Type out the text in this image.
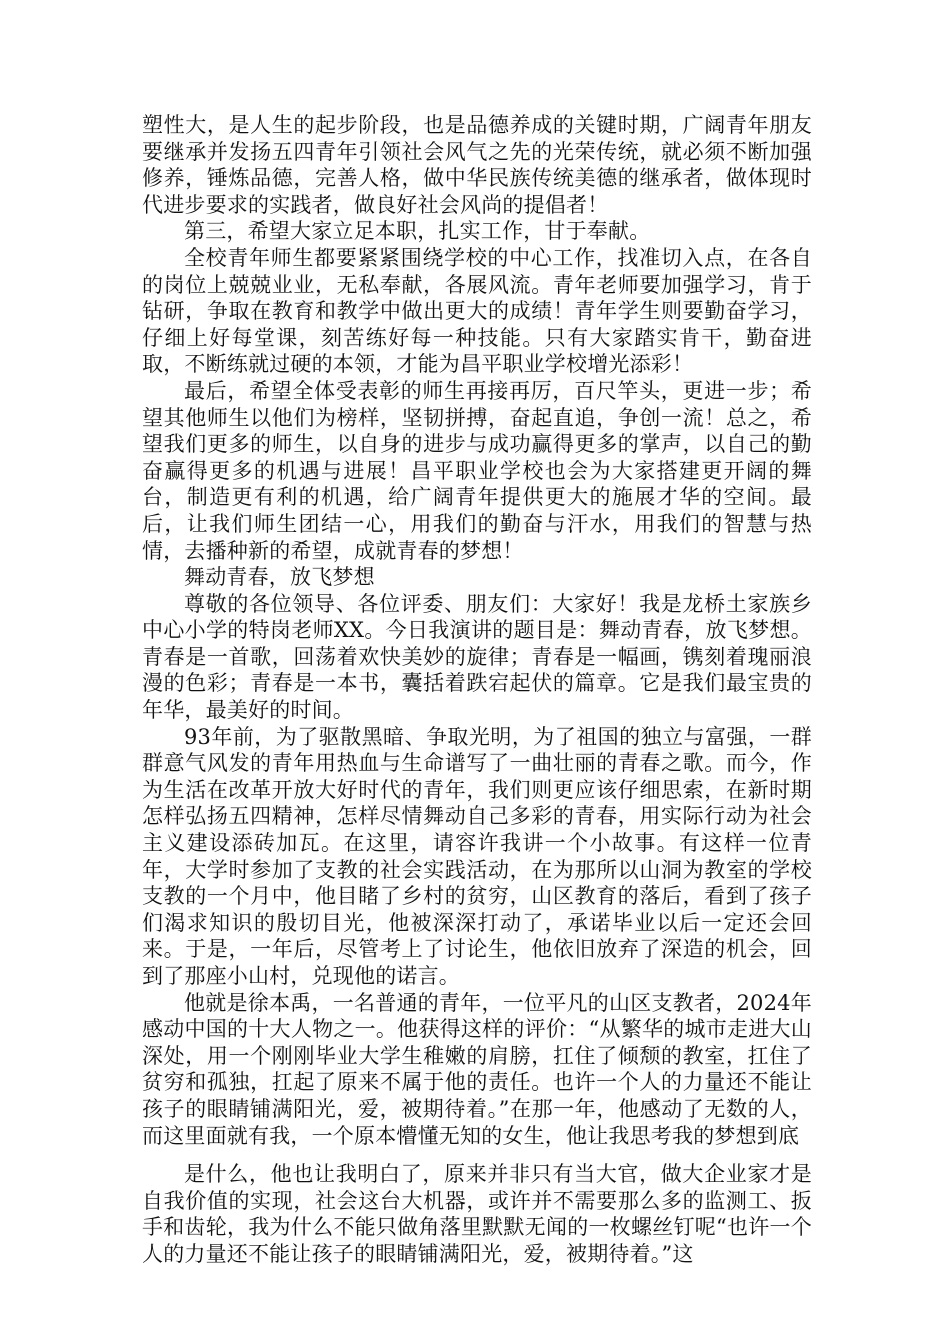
塑性大，是人生的起步阶段，也是品德养成的关键时期，广阔青年朋友要继承并发扬五四青年引领社会风气之先的光荣传统，就必须不断加强修养，锤炼品德，完善人格，做中华民族传统美德的继承者，做体现时代进步要求的实践者，做良好社会风尚的提倡者！

第三，希望大家立足本职，扎实工作，甘于奉献。

全校青年师生都要紧紧围绕学校的中心工作，找准切入点，在各自的岗位上兢兢业业，无私奉献，各展风流。青年老师要加强学习，肯于钻研，争取在教育和教学中做出更大的成绩！青年学生则要勤奋学习，仔细上好每堂课，刻苦练好每一种技能。只有大家踏实肯干，勤奋进取，不断练就过硬的本领，才能为昌平职业学校增光添彩！

最后，希望全体受表彰的师生再接再厉，百尺竿头，更进一步；希望其他师生以他们为榜样，坚韧拼搏，奋起直追，争创一流！总之，希望我们更多的师生，以自身的进步与成功赢得更多的掌声，以自己的勤奋赢得更多的机遇与进展！昌平职业学校也会为大家搭建更开阔的舞台，制造更有利的机遇，给广阔青年提供更大的施展才华的空间。最后，让我们师生团结一心，用我们的勤奋与汗水，用我们的智慧与热情，去播种新的希望，成就青春的梦想！

舞动青春，放飞梦想

尊敬的各位领导、各位评委、朋友们：大家好！我是龙桥土家族乡中心小学的特岗老师XX。今日我演讲的题目是：舞动青春，放飞梦想。青春是一首歌，回荡着欢快美妙的旋律；青春是一幅画，镌刻着瑰丽浪漫的色彩；青春是一本书，囊括着跌宕起伏的篇章。它是我们最宝贵的年华，最美好的时间。

93年前，为了驱散黑暗、争取光明，为了祖国的独立与富强，一群群意气风发的青年用热血与生命谱写了一曲壮丽的青春之歌。而今，作为生活在改革开放大好时代的青年，我们则更应该仔细思索，在新时期怎样弘扬五四精神，怎样尽情舞动自己多彩的青春，用实际行动为社会主义建设添砖加瓦。在这里，请容许我讲一个小故事。有这样一位青年，大学时参加了支教的社会实践活动，在为那所以山洞为教室的学校支教的一个月中，他目睹了乡村的贫穷，山区教育的落后，看到了孩子们渴求知识的殷切目光，他被深深打动了，承诺毕业以后一定还会回来。于是，一年后，尽管考上了讨论生，他依旧放弃了深造的机会，回到了那座小山村，兑现他的诺言。

他就是徐本禹，一名普通的青年，一位平凡的山区支教者，2024年感动中国的十大人物之一。他获得这样的评价：“从繁华的城市走进大山深处，用一个刚刚毕业大学生稚嫩的肩膀，扛住了倾颓的教室，扛住了贫穷和孤独，扛起了原来不属于他的责任。也许一个人的力量还不能让孩子的眼睛铺满阳光，爱，被期待着。”在那一年，他感动了无数的人，而这里面就有我，一个原本懵懂无知的女生，他让我思考我的梦想到底

是什么，他也让我明白了，原来并非只有当大官，做大企业家才是自我价值的实现，社会这台大机器，或许并不需要那么多的监测工、扳手和齿轮，我为什么不能只做角落里默默无闻的一枚螺丝钉呢“也许一个人的力量还不能让孩子的眼睛铺满阳光，爱，被期待着。”这
